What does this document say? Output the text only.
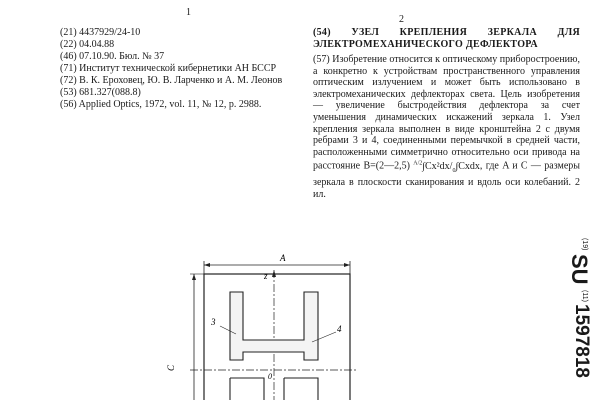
1
2
(21) 4437929/24-10
(22) 04.04.88
(46) 07.10.90. Бюл. № 37
(71) Институт технической кибернетики АН БССР
(72) В. К. Ероховец, Ю. В. Ларченко и А. М. Леонов
(53) 681.327(088.8)
(56) Applied Optics, 1972, vol. 11, № 12, р. 2988.
(54) УЗЕЛ КРЕПЛЕНИЯ ЗЕРКАЛА ДЛЯ ЭЛЕКТРОМЕХАНИЧЕСКОГО ДЕФЛЕКТОРА
(57) Изобретение относится к оптическому приборостроению, а конкретно к устройствам пространственного управления оптическим излучением и может быть использовано в электромеханических дефлекторах света. Цель изобретения — увеличение быстродействия дефлектора за счет уменьшения динамических искажений зеркала 1. Узел крепления зеркала выполнен в виде кронштейна 2 с двумя ребрами 3 и 4, соединенными перемычкой в средней части, расположенными симметрично относительно оси привода на расстояние B=(2—2,5) $^{A/2}\int Cx^2dx/_0\int Cxdx$, где A и C — размеры зеркала в плоскости сканирования и вдоль оси колебаний. 2 ил.
(19)
SU
(11)
1597818
A
C
z
0
3
4
